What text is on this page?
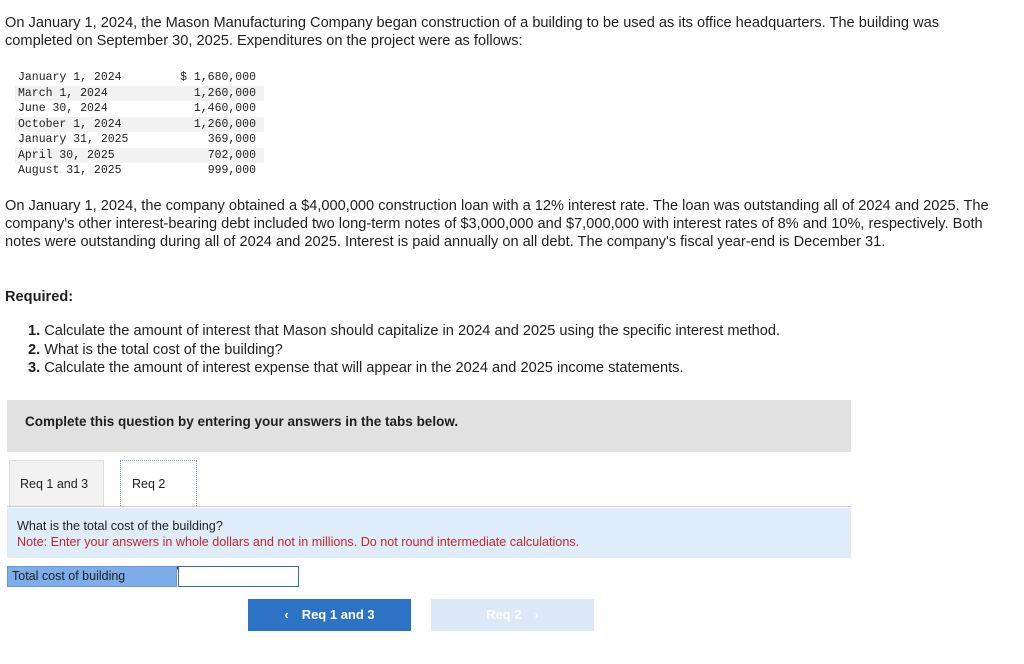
On January 1, 2024, the Mason Manufacturing Company began construction of a building to be used as its office headquarters. The building was completed on September 30, 2025. Expenditures on the project were as follows:

January 1, 2024	$ 1,680,000
March 1, 2024	1,260,000
June 30, 2024	1,460,000
October 1, 2024	1,260,000
January 31, 2025	369,000
April 30, 2025	702,000
August 31, 2025	999,000

On January 1, 2024, the company obtained a $4,000,000 construction loan with a 12% interest rate. The loan was outstanding all of 2024 and 2025. The company's other interest-bearing debt included two long-term notes of $3,000,000 and $7,000,000 with interest rates of 8% and 10%, respectively. Both notes were outstanding during all of 2024 and 2025. Interest is paid annually on all debt. The company's fiscal year-end is December 31.

Required:

1. Calculate the amount of interest that Mason should capitalize in 2024 and 2025 using the specific interest method.
2. What is the total cost of the building?
3. Calculate the amount of interest expense that will appear in the 2024 and 2025 income statements.
Complete this question by entering your answers in the tabs below.
Req 1 and 3	Req 2
What is the total cost of the building?
Note: Enter your answers in whole dollars and not in millions. Do not round intermediate calculations.
Total cost of building
‹ Req 1 and 3	Req 2 ›
